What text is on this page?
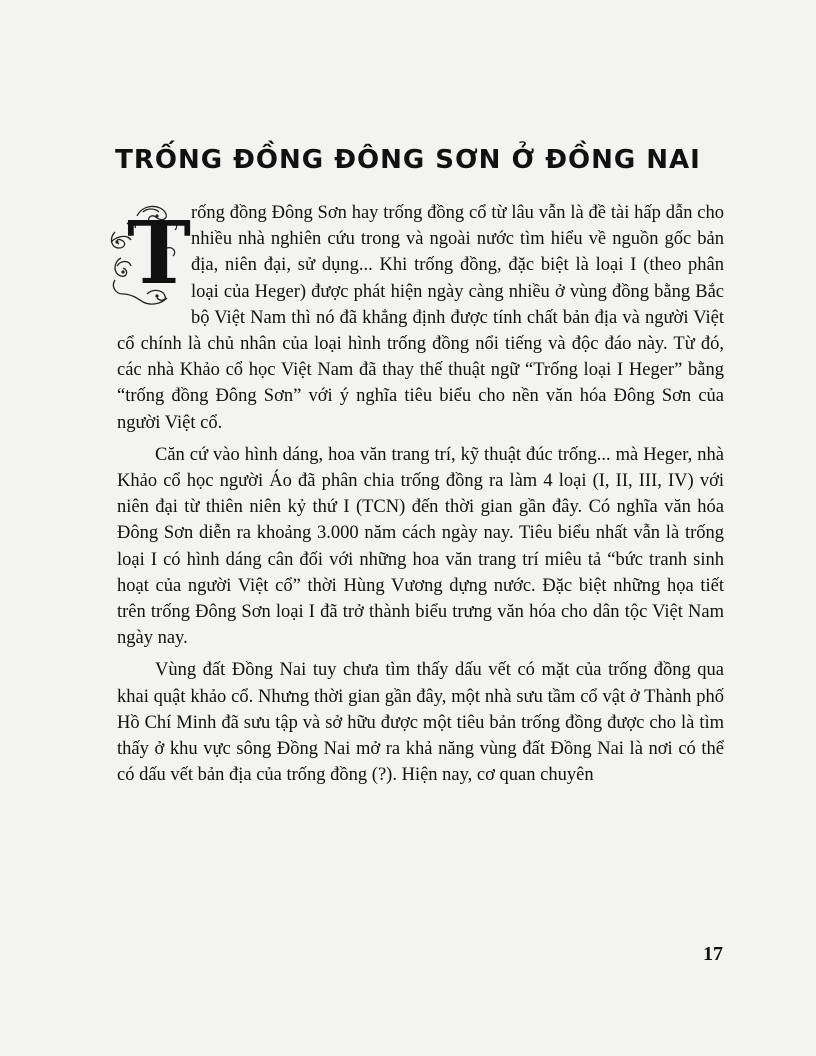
TRỐNG ĐỒNG ĐÔNG SƠN Ở ĐỒNG NAI

T rống đồng Đông Sơn hay trống đồng cổ từ lâu vẫn là đề tài hấp dẫn cho nhiều nhà nghiên cứu trong và ngoài nước tìm hiểu về nguồn gốc bản địa, niên đại, sử dụng... Khi trống đồng, đặc biệt là loại I (theo phân loại của Heger) được phát hiện ngày càng nhiều ở vùng đồng bằng Bắc bộ Việt Nam thì nó đã khẳng định được tính chất bản địa và người Việt cổ chính là chủ nhân của loại hình trống đồng nổi tiếng và độc đáo này. Từ đó, các nhà Khảo cổ học Việt Nam đã thay thế thuật ngữ “Trống loại I Heger” bằng “trống đồng Đông Sơn” với ý nghĩa tiêu biểu cho nền văn hóa Đông Sơn của người Việt cổ.

Căn cứ vào hình dáng, hoa văn trang trí, kỹ thuật đúc trống... mà Heger, nhà Khảo cổ học người Áo đã phân chia trống đồng ra làm 4 loại (I, II, III, IV) với niên đại từ thiên niên kỷ thứ I (TCN) đến thời gian gần đây. Có nghĩa văn hóa Đông Sơn diễn ra khoảng 3.000 năm cách ngày nay. Tiêu biểu nhất vẫn là trống loại I có hình dáng cân đối với những hoa văn trang trí miêu tả “bức tranh sinh hoạt của người Việt cổ” thời Hùng Vương dựng nước. Đặc biệt những họa tiết trên trống Đông Sơn loại I đã trở thành biểu trưng văn hóa cho dân tộc Việt Nam ngày nay.

Vùng đất Đồng Nai tuy chưa tìm thấy dấu vết có mặt của trống đồng qua khai quật khảo cổ. Nhưng thời gian gần đây, một nhà sưu tầm cổ vật ở Thành phố Hồ Chí Minh đã sưu tập và sở hữu được một tiêu bản trống đồng được cho là tìm thấy ở khu vực sông Đồng Nai mở ra khả năng vùng đất Đồng Nai là nơi có thể có dấu vết bản địa của trống đồng (?). Hiện nay, cơ quan chuyên

17
